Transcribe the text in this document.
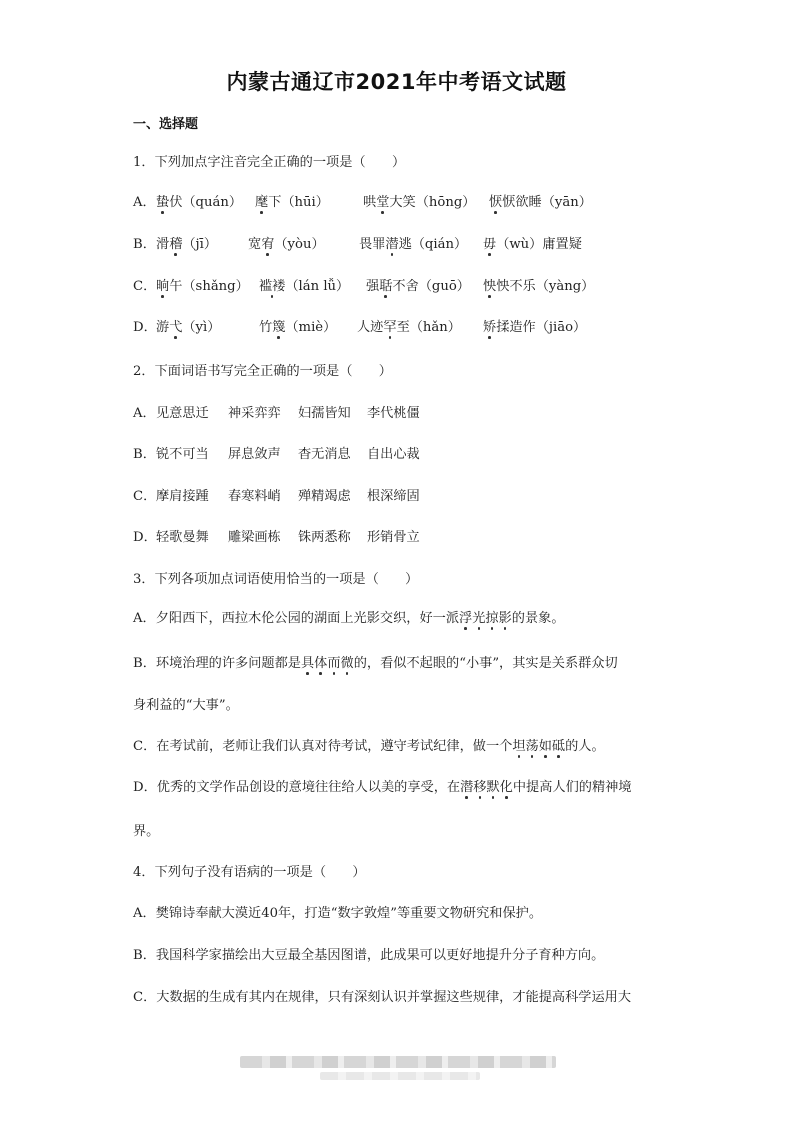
内蒙古通辽市2021年中考语文试题
一、选择题
1．下列加点字注音完全正确的一项是（　　）
A． 蛰伏（quán） 麾下（hūi）	哄堂大笑（hōng） 恹恹欲睡（yān）
B． 滑稽（jī） 宽宥（yòu）	畏罪潜逃（qián） 毋（wù）庸置疑
C． 晌午（shǎng） 褴褛（lán lǚ） 强聒不舍（guō） 怏怏不乐（yàng）
D． 游弋（yì）	竹篾（miè） 人迹罕至（hǎn） 矫揉造作（jiāo）
2．下面词语书写完全正确的一项是（　　）
A． 见意思迁 神采弈弈 妇孺皆知 李代桃僵
B． 锐不可当 屏息敛声 杳无消息 自出心裁
C． 摩肩接踵 春寒料峭 殚精竭虑 根深缔固
D． 轻歌曼舞 雕梁画栋 铢两悉称 形销骨立
3．下列各项加点词语使用恰当的一项是（　　）
A．夕阳西下，西拉木伦公园的湖面上光影交织，好一派浮光掠影的景象。
B．环境治理的许多问题都是具体而微的，看似不起眼的“小事”，其实是关系群众切
身利益的“大事”。
C．在考试前，老师让我们认真对待考试，遵守考试纪律，做一个坦荡如砥的人。
D．优秀的文学作品创设的意境往往给人以美的享受，在潜移默化中提高人们的精神境
界。
4．下列句子没有语病的一项是（　　）
A．樊锦诗奉献大漠近40年，打造“数字敦煌”等重要文物研究和保护。
B．我国科学家描绘出大豆最全基因图谱，此成果可以更好地提升分子育种方向。
C．大数据的生成有其内在规律，只有深刻认识并掌握这些规律，才能提高科学运用大
